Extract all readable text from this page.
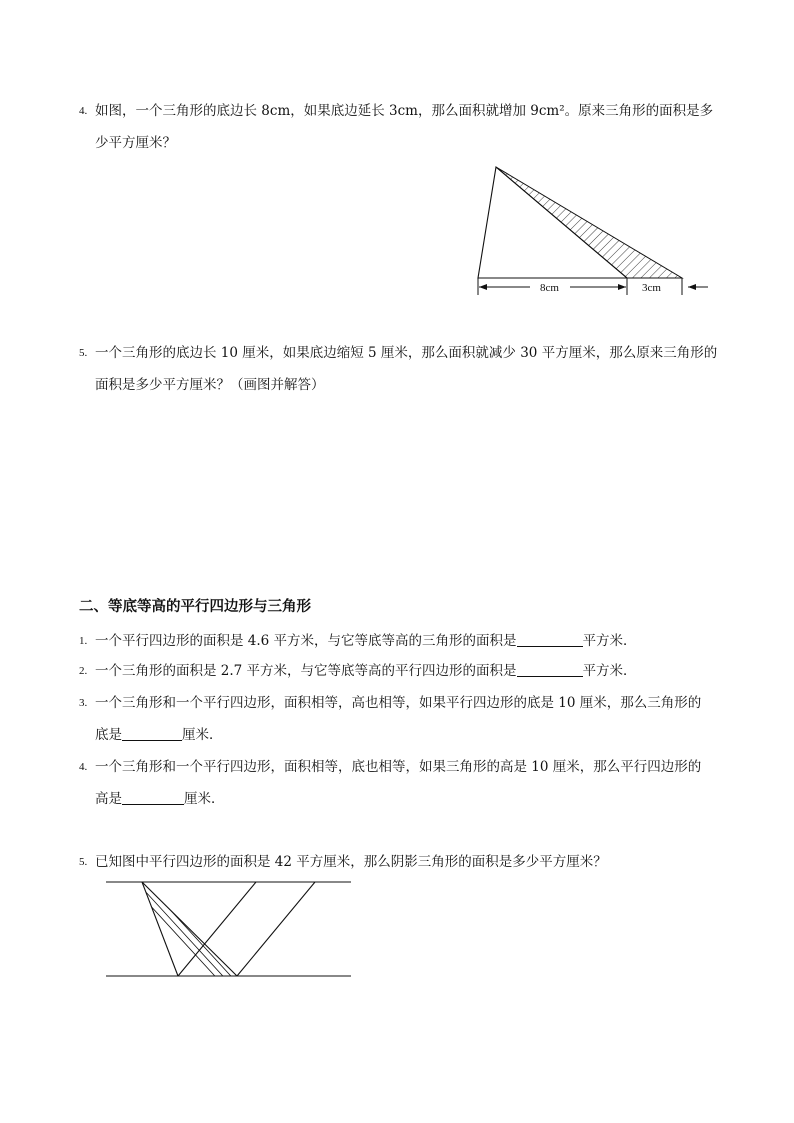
4. 如图，一个三角形的底边长 8cm，如果底边延长 3cm，那么面积就增加 9cm²。原来三角形的面积是多
少平方厘米？
8cm	3cm
5. 一个三角形的底边长 10 厘米，如果底边缩短 5 厘米，那么面积就减少 30 平方厘米，那么原来三角形的
面积是多少平方厘米？（画图并解答）
二、等底等高的平行四边形与三角形
1. 一个平行四边形的面积是 4.6 平方米，与它等底等高的三角形的面积是	平方米．
2. 一个三角形的面积是 2.7 平方米，与它等底等高的平行四边形的面积是	平方米．
3. 一个三角形和一个平行四边形，面积相等，高也相等，如果平行四边形的底是 10 厘米，那么三角形的
底是	厘米．
4. 一个三角形和一个平行四边形，面积相等，底也相等，如果三角形的高是 10 厘米，那么平行四边形的
高是	厘米．
5. 已知图中平行四边形的面积是 42 平方厘米，那么阴影三角形的面积是多少平方厘米？
